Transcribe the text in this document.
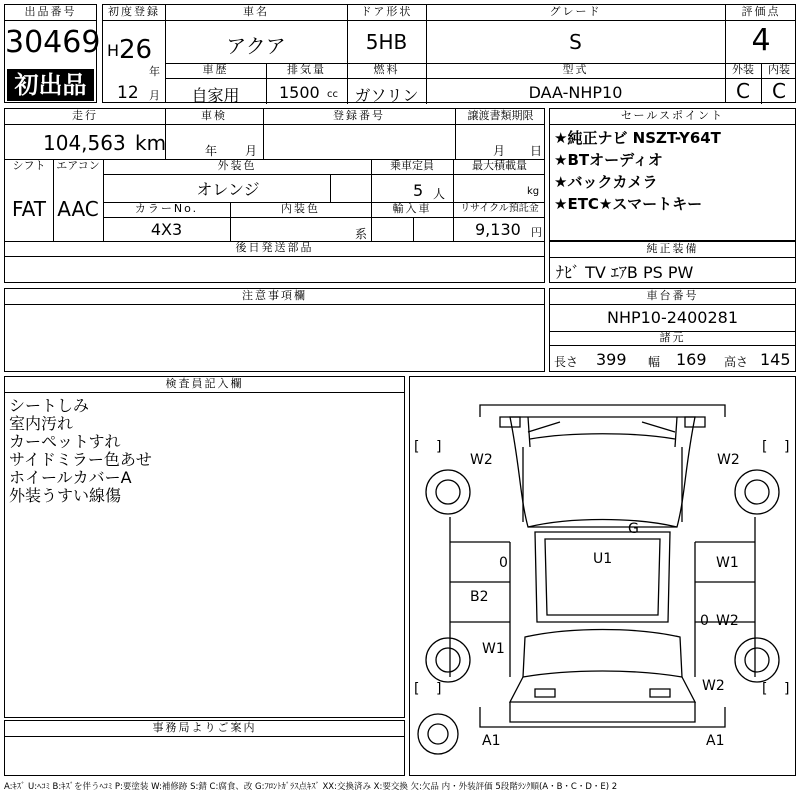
出品番号
30469
初出品
初度登録
H 26
年
12 月
車名
アクア
ドア形状
5HB
グレード
S
評価点
4
車歴
自家用
排気量
1500 cc
燃料
ガソリン
型式
DAA-NHP10
外装	内装
C	C
走行
104,563 km
車検
年 月
登録番号	譲渡書類期限
月 日
シフト
FAT
エアコン
AAC
外装色
オレンジ
乗車定員
5 人
最大積載量
kg
カラーNo.
4X3
内装色
系
輸入車	リサイクル預託金
9,130 円
後日発送部品
セールスポイント
★純正ナビ NSZT-Y64T
★BTオーディオ
★バックカメラ
★ETC★スマートキー
純正装備
ﾅﾋﾞ TV ｴｱB PS PW
注意事項欄	車台番号
NHP10-2400281
諸元
長さ 399 幅 169 高さ 145
検査員記入欄
シートしみ
室内汚れ
カーペットすれ
サイドミラー色あせ
ホイールカバーA
外装うすい線傷
事務局よりご案内
[ ]	[ ]
[ ]	[ ]
W2	W2
G
U1
0	W1
B2
0 W2
W1
W2
A1	A1
A:ｷｽﾞ U:ﾍｺﾐ B:ｷｽﾞを伴うﾍｺﾐ P:要塗装 W:補修跡 S:錆 C:腐食、改 G:ﾌﾛﾝﾄｶﾞﾗｽ点ｷｽﾞ XX:交換済み X:要交換 欠:欠品 内・外装評価 5段階ﾗﾝｸ順(A・B・C・D・E) 2
